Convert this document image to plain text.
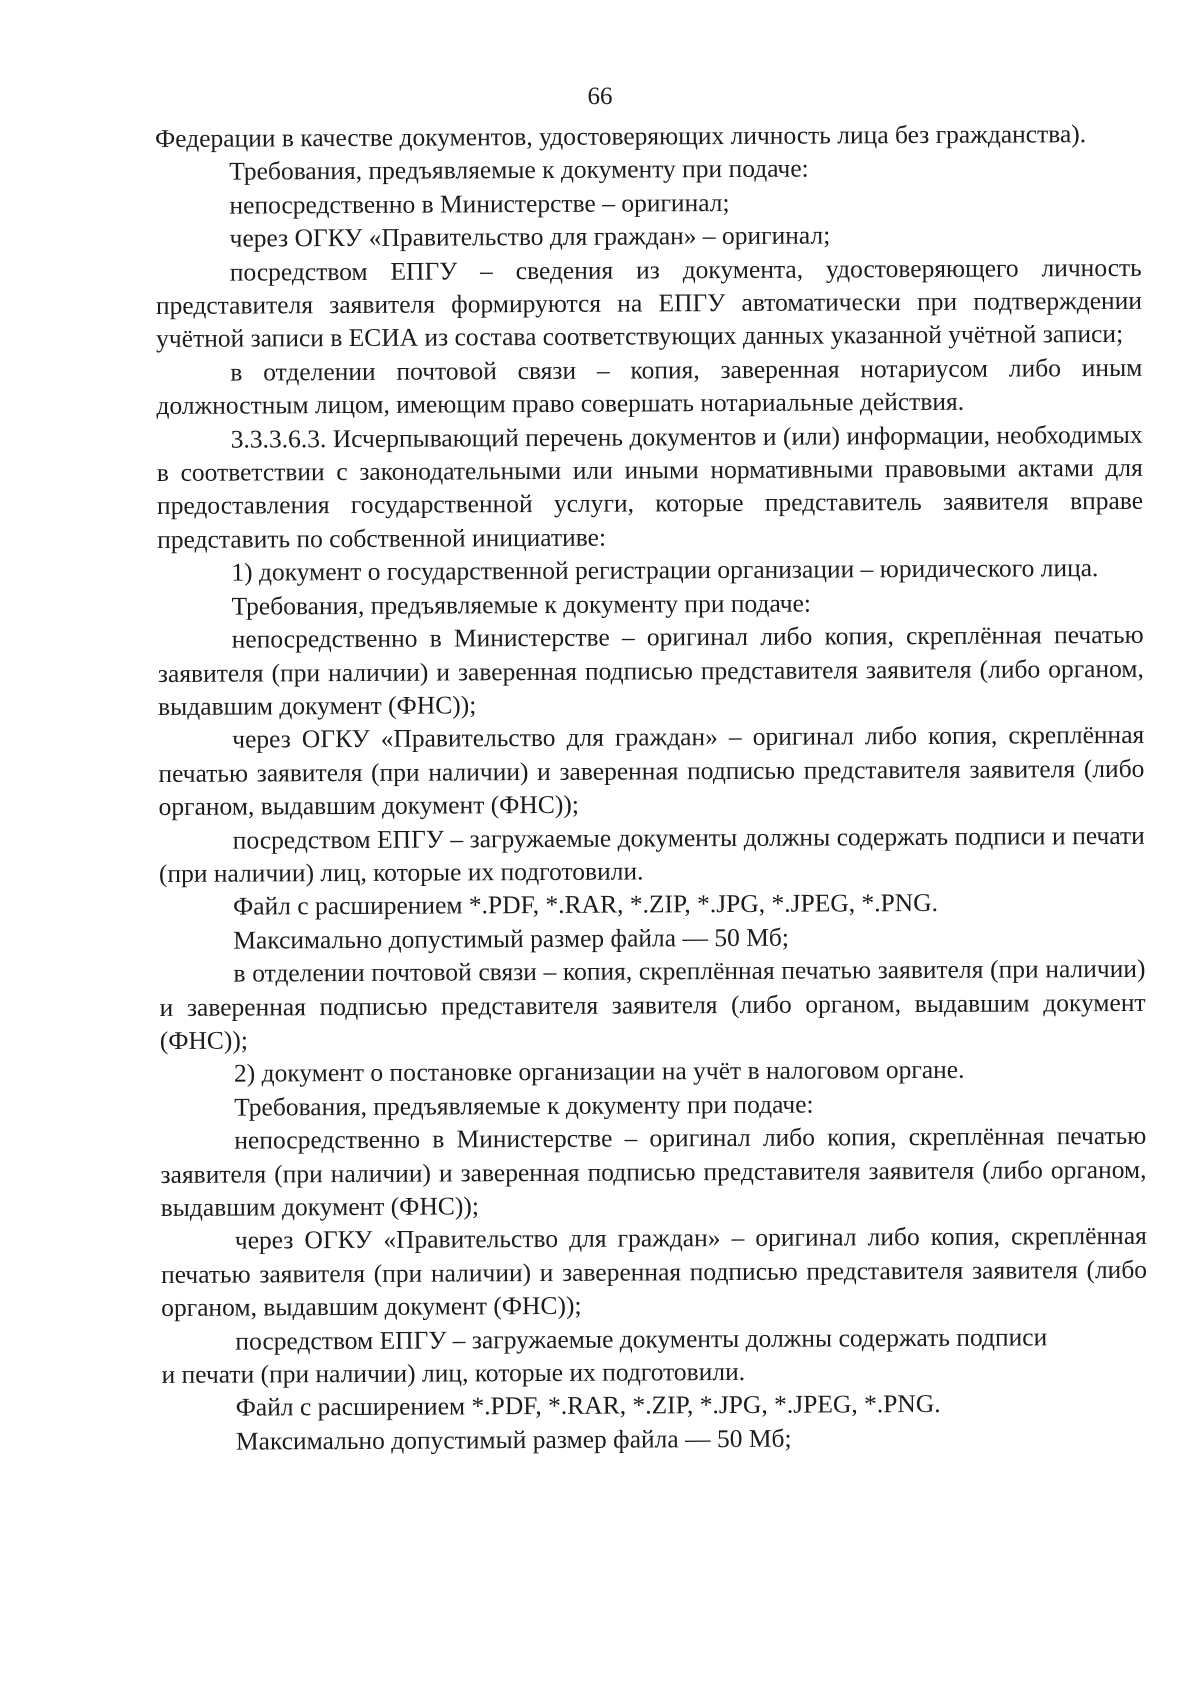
66

Федерации в качестве документов, удостоверяющих личность лица без гражданства).

Требования, предъявляемые к документу при подаче:

непосредственно в Министерстве – оригинал;

через ОГКУ «Правительство для граждан» – оригинал;

посредством ЕПГУ – сведения из документа, удостоверяющего личность представителя заявителя формируются на ЕПГУ автоматически при подтверждении учётной записи в ЕСИА из состава соответствующих данных указанной учётной записи;

в отделении почтовой связи – копия, заверенная нотариусом либо иным должностным лицом, имеющим право совершать нотариальные действия.

3.3.3.6.3. Исчерпывающий перечень документов и (или) информации, необходимых в соответствии с законодательными или иными нормативными правовыми актами для предоставления государственной услуги, которые представитель заявителя вправе представить по собственной инициативе:

1) документ о государственной регистрации организации – юридического лица.

Требования, предъявляемые к документу при подаче:

непосредственно в Министерстве – оригинал либо копия, скреплённая печатью заявителя (при наличии) и заверенная подписью представителя заявителя (либо органом, выдавшим документ (ФНС));

через ОГКУ «Правительство для граждан» – оригинал либо копия, скреплённая печатью заявителя (при наличии) и заверенная подписью представителя заявителя (либо органом, выдавшим документ (ФНС));

посредством ЕПГУ – загружаемые документы должны содержать подписи и печати (при наличии) лиц, которые их подготовили.

Файл с расширением *.PDF, *.RAR, *.ZIP, *.JPG, *.JPEG, *.PNG.

Максимально допустимый размер файла — 50 Мб;

в отделении почтовой связи – копия, скреплённая печатью заявителя (при наличии) и заверенная подписью представителя заявителя (либо органом, выдавшим документ (ФНС));

2) документ о постановке организации на учёт в налоговом органе.

Требования, предъявляемые к документу при подаче:

непосредственно в Министерстве – оригинал либо копия, скреплённая печатью заявителя (при наличии) и заверенная подписью представителя заявителя (либо органом, выдавшим документ (ФНС));

через ОГКУ «Правительство для граждан» – оригинал либо копия, скреплённая печатью заявителя (при наличии) и заверенная подписью представителя заявителя (либо органом, выдавшим документ (ФНС));

посредством ЕПГУ – загружаемые документы должны содержать подписи

и печати (при наличии) лиц, которые их подготовили.

Файл с расширением *.PDF, *.RAR, *.ZIP, *.JPG, *.JPEG, *.PNG.

Максимально допустимый размер файла — 50 Мб;
